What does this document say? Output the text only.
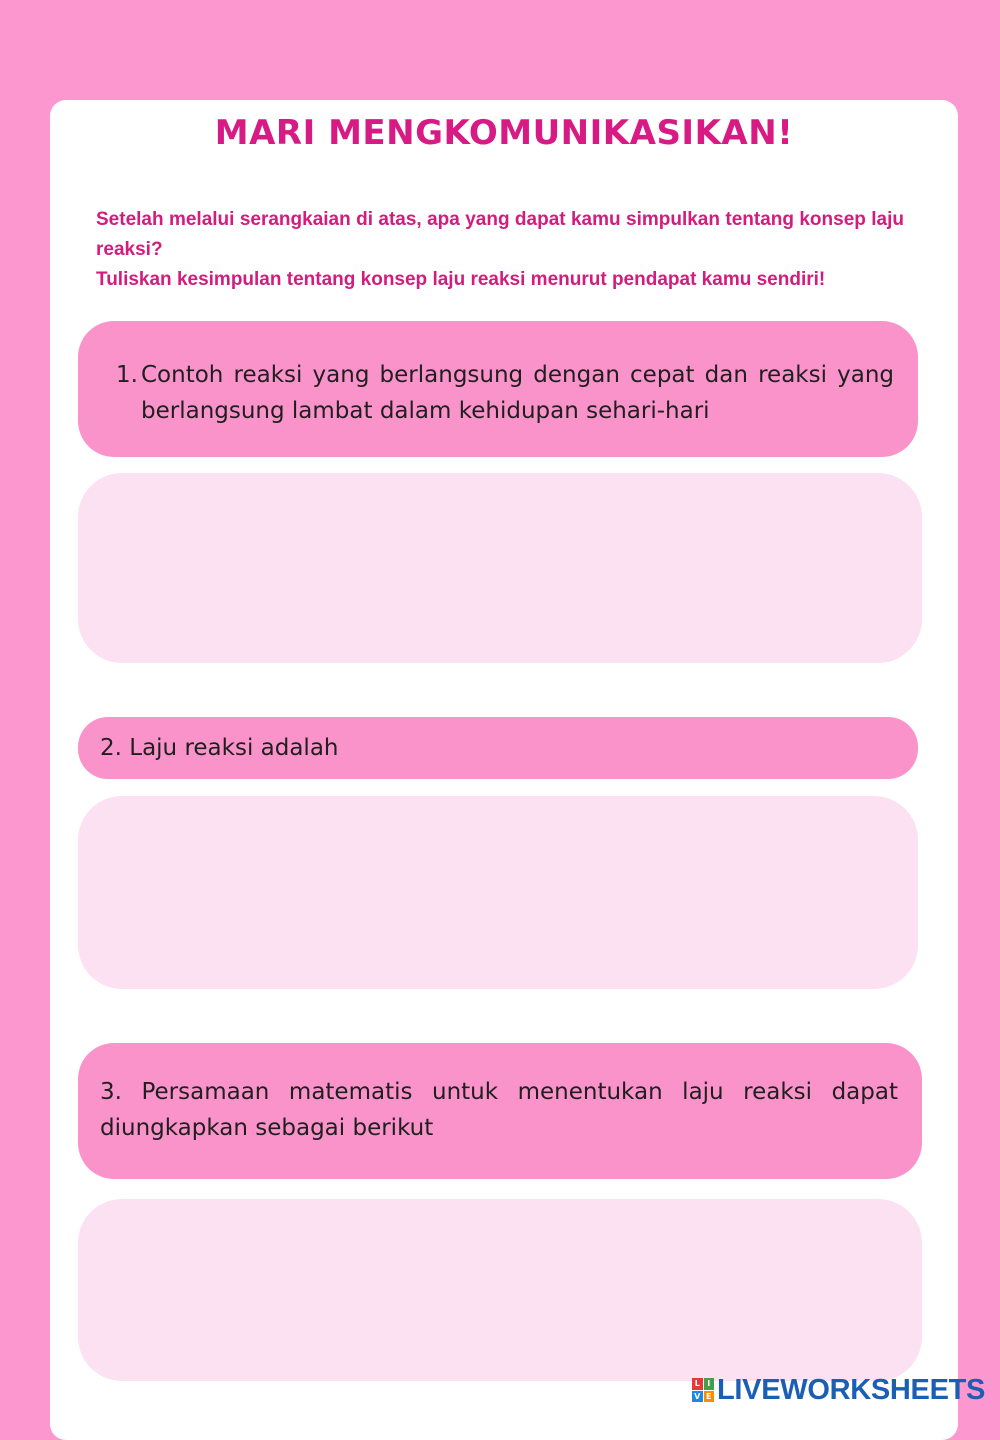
MARI MENGKOMUNIKASIKAN!

Setelah melalui serangkaian di atas, apa yang dapat kamu simpulkan tentang konsep laju reaksi?

Tuliskan kesimpulan tentang konsep laju reaksi menurut pendapat kamu sendiri!

1. Contoh reaksi yang berlangsung dengan cepat dan reaksi yang berlangsung lambat dalam kehidupan sehari-hari
2. Laju reaksi adalah
3. Persamaan matematis untuk menentukan laju reaksi dapat diungkapkan sebagai berikut
L I
V E LIVEWORKSHEETS
